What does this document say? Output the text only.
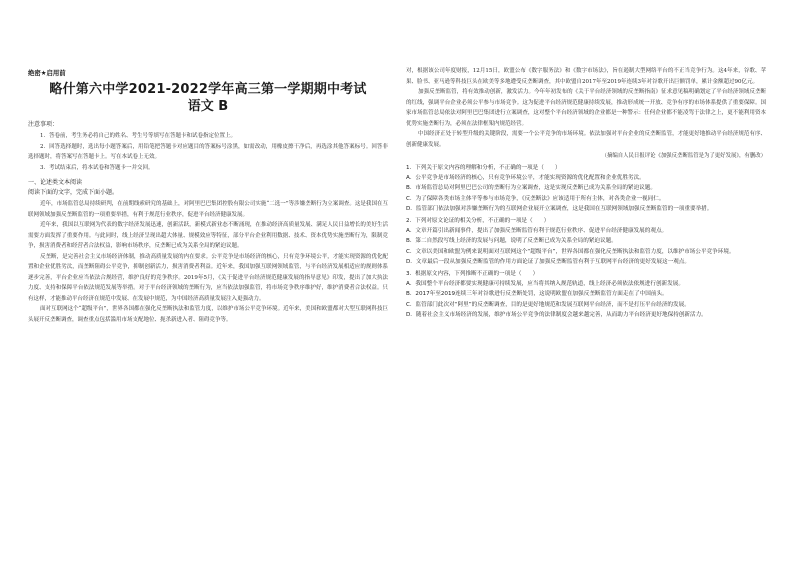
绝密★启用前
略什第六中学2021-2022学年高三第一学期期中考试
语文 B
注意事项：

1．答卷前，考生务必将自己的姓名、考生号等填写在答题卡和试卷指定位置上。

2．回答选择题时，选出每小题答案后，用铅笔把答题卡对应题目的答案标号涂黑，如需改动，用橡皮擦干净后，再选涂其他答案标号。回答非选择题时，将答案写在答题卡上。写在本试卷上无效。

3．考试结束后，将本试卷和答题卡一并交回。

一、论述类文本阅读
阅读下面的文字，完成下面小题。

近年，市场监管总局持续研判，在前期线索研究的基础上，对阿里巴巴集团控股有限公司实施“二选一”等涉嫌垄断行为立案调查。这是我国在互联网领域加强反垄断监管的一项重要举措，有利于规范行业秩序，促进平台经济健康发展。

近年来，我国以互联网为代表的数字经济发展迅速，创新活跃，新模式新业态不断涌现，在推动经济高质量发展、满足人民日益增长的美好生活需要方面发挥了重要作用。与此同时，线上经济呈现出超大体量、规模效应等特征，部分平台企业利用数据、技术、资本优势实施垄断行为，限制竞争，损害消费者和经营者合法权益，影响市场秩序，反垄断已成为关系全局的紧迫议题。

反垄断，是完善社会主义市场经济体制，推动高质量发展的内在要求。公平竞争是市场经济的核心，只有竞争环境公平，才能实现资源的优化配置和企业优胜劣汰，而垄断阻碍公平竞争，抑制创新活力，损害消费者利益。近年来，我国加强互联网领域监管，与平台经济发展相适应的规则体系逐步完善，平台企业应当依法合规经营，维护良好的竞争秩序。2019年5月，《关于促进平台经济规范健康发展的指导意见》印发，提出了加大执法力度、支持和保障平台依法规范发展等举措。对于平台经济领域的垄断行为，应当依法加强监管，将市场竞争秩序维护好，维护消费者合法权益。只有这样，才能推动平台经济在规范中发展、在发展中规范，为中国经济高质量发展注入更强动力。

面对互联网这个“超级平台”，世界各国都在强化反垄断执法和监管力度，以维护市场公平竞争环境。近年来，美国和欧盟都对大型互联网科技巨头展开反垄断调查，调查重点包括滥用市场支配地位、扼杀新进入者、阻碍竞争等。

对，根据该公司年度财报，12月15日，欧盟公布《数字服务法》和《数字市场法》，旨在遏制大型网络平台的不正当竞争行为。这4年来，谷歌、苹果、脸书、亚马逊等科技巨头在欧美等多地遭受反垄断调查，其中欧盟自2017年至2019年连续3年对谷歌开出巨额罚单，累计金额超过90亿元。

加强反垄断监管，将有效推动创新，激发活力。今年年初发布的《关于平台经济领域的反垄断指南》征求意见稿明确划定了平台经济领域反垄断的红线，强调平台企业必须公平参与市场竞争。这为促进平台经济规范健康持续发展，推动形成统一开放、竞争有序的市场体系提供了重要保障。国家市场监管总局依法对阿里巴巴集团进行立案调查，这对整个平台经济领域的企业都是一种警示：任何企业都不能凌驾于法律之上，更不能利用资本优势实施垄断行为，必须在法律框架内规范经营。

中国经济正处于转型升级的关键阶段，需要一个公平竞争的市场环境。依法加强对平台企业的反垄断监管，才能更好地推动平台经济规范有序、创新健康发展。

（摘编自人民日报评论《加强反垄断监管是为了更好发展》，有删改）

1．下列关于原文内容的理解和分析，不正确的一项是（　　）

A．公平竞争是市场经济的核心，只有竞争环境公平，才能实现资源的优化配置和企业优胜劣汰。

B．市场监管总局对阿里巴巴公司的垄断行为立案调查，这是实现反垄断已成为关系全局的紧迫议题。

C．为了保障各类市场主体平等参与市场竞争，《反垄断法》应该适用于所有主体，对各类企业一视同仁。

D．监管部门依法加强对涉嫌垄断行为的互联网企业展开立案调查，这是我国在互联网领域加强反垄断监管的一项重要举措。

2．下列对原文论证的相关分析，不正确的一项是（　　）

A．文章开篇引出新闻事件，提出了加强反垄断监管有利于规范行业秩序、促进平台经济健康发展的观点。

B．第二自然段写线上经济的发展与问题，说明了反垄断已成为关系全局的紧迫议题。

C．文章以美国和欧盟为例来说明面对互联网这个“超级平台”，世界各国都在强化反垄断执法和监管力度，以维护市场公平竞争环境。

D．文章最后一段从加强反垄断监管的作用方面论证了加强反垄断监管有利于互联网平台经济的更好发展这一观点。

3．根据原文内容，下列推断不正确的一项是（　　）

A．我国整个平台经济都要实现健康可持续发展，应当将其纳入规范轨道，线上经济必须依法依规进行创新发展。

B．2017年至2019连续三年对谷歌进行反垄断处罚，这说明欧盟在加强反垄断监管方面走在了中国前头。

C．监管部门此次对“阿里”的反垄断调查，目的是更好地规范和发展互联网平台经济，而不是打压平台经济的发展。

D．随着社会主义市场经济的发展，维护市场公平竞争的法律制度会越来越完善，从而助力平台经济更好地保持创新活力。
